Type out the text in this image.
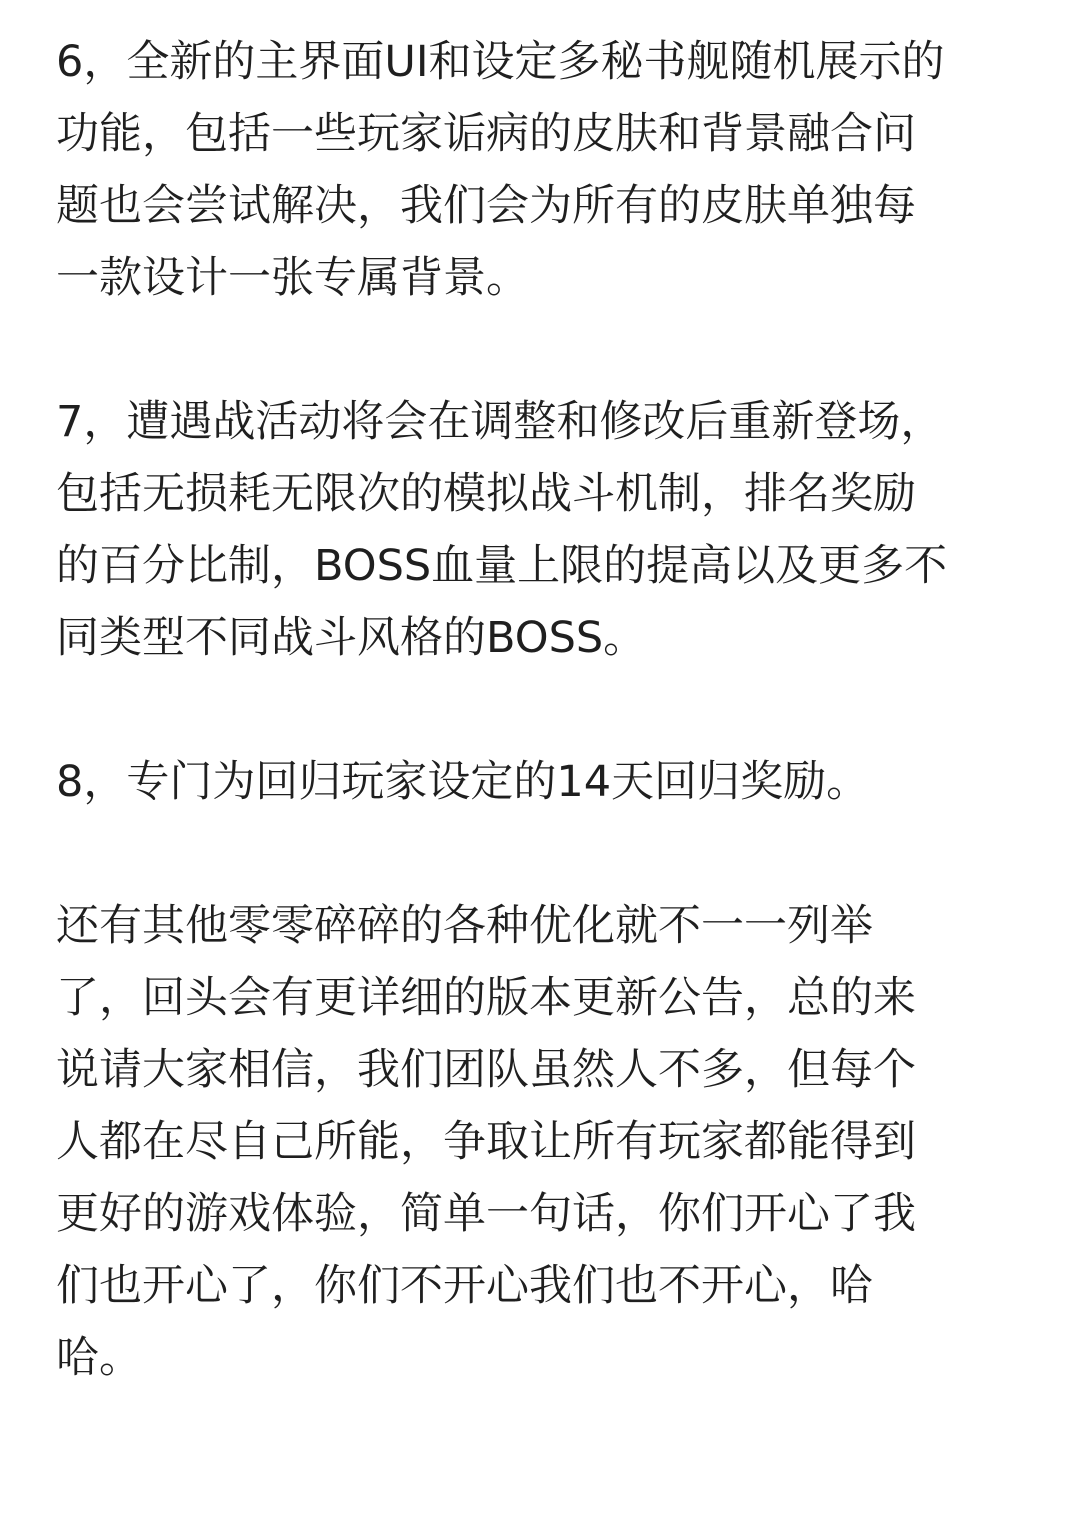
6，全新的主界面UI和设定多秘书舰随机展示的
功能，包括一些玩家诟病的皮肤和背景融合问
题也会尝试解决，我们会为所有的皮肤单独每
一款设计一张专属背景。
7，遭遇战活动将会在调整和修改后重新登场，
包括无损耗无限次的模拟战斗机制，排名奖励
的百分比制，BOSS血量上限的提高以及更多不
同类型不同战斗风格的BOSS。
8，专门为回归玩家设定的14天回归奖励。
还有其他零零碎碎的各种优化就不一一列举
了，回头会有更详细的版本更新公告，总的来
说请大家相信，我们团队虽然人不多，但每个
人都在尽自己所能，争取让所有玩家都能得到
更好的游戏体验，简单一句话，你们开心了我
们也开心了，你们不开心我们也不开心，哈
哈。
